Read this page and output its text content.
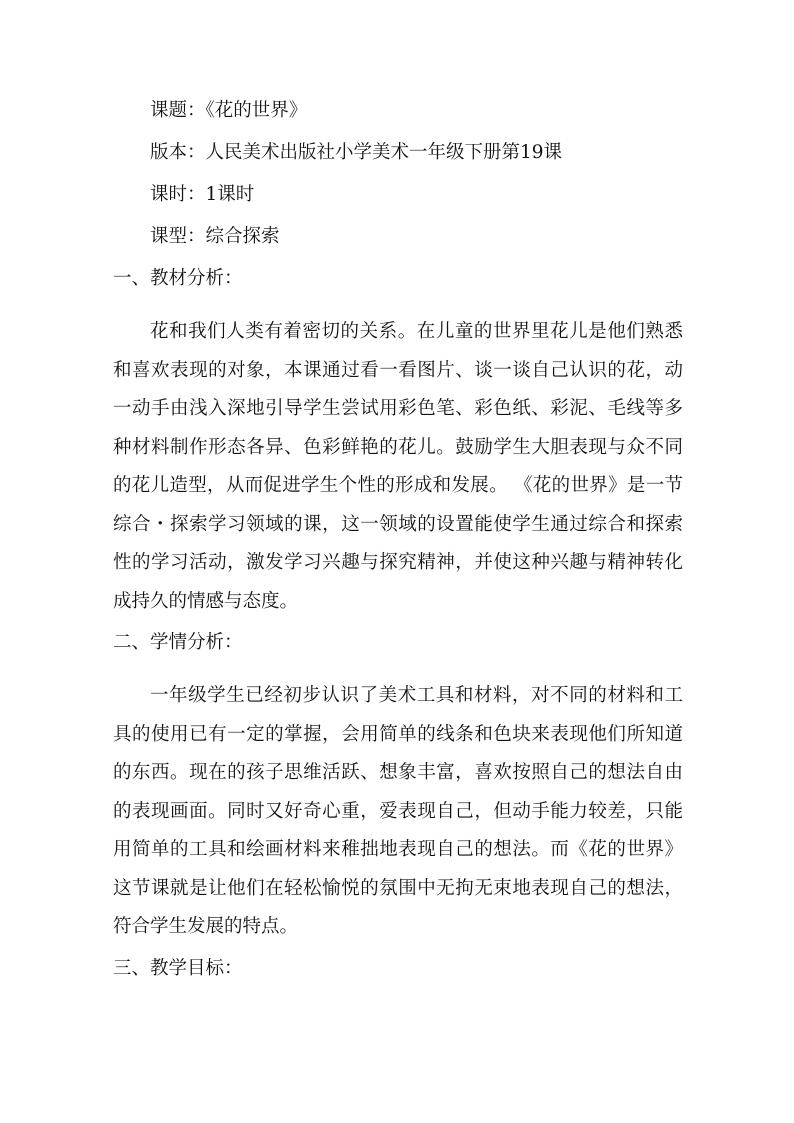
课题：《花的世界》
版本：人民美术出版社小学美术一年级下册第19课
课时：1课时
课型：综合探索
一、教材分析：

花和我们人类有着密切的关系。在儿童的世界里花儿是他们熟悉和喜欢表现的对象，本课通过看一看图片、谈一谈自己认识的花，动一动手由浅入深地引导学生尝试用彩色笔、彩色纸、彩泥、毛线等多种材料制作形态各异、色彩鲜艳的花儿。鼓励学生大胆表现与众不同的花儿造型，从而促进学生个性的形成和发展。 《花的世界》是一节综合・探索学习领域的课，这一领域的设置能使学生通过综合和探索性的学习活动，激发学习兴趣与探究精神，并使这种兴趣与精神转化成持久的情感与态度。

二、学情分析：

一年级学生已经初步认识了美术工具和材料，对不同的材料和工具的使用已有一定的掌握，会用简单的线条和色块来表现他们所知道的东西。现在的孩子思维活跃、想象丰富，喜欢按照自己的想法自由的表现画面。同时又好奇心重，爱表现自己，但动手能力较差，只能用简单的工具和绘画材料来稚拙地表现自己的想法。而《花的世界》这节课就是让他们在轻松愉悦的氛围中无拘无束地表现自己的想法，符合学生发展的特点。

三、教学目标：
